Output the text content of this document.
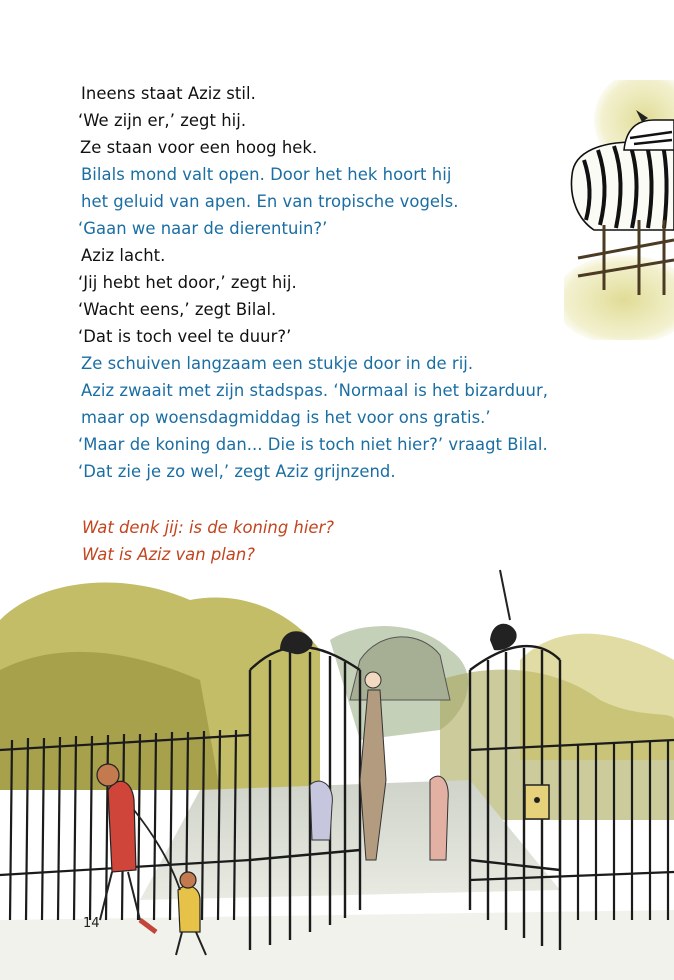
Ineens staat Aziz stil.
‘We zijn er,’ zegt hij.
Ze staan voor een hoog hek.
Bilals mond valt open. Door het hek hoort hij
het geluid van apen. En van tropische vogels.
‘Gaan we naar de dierentuin?’
Aziz lacht.
‘Jij hebt het door,’ zegt hij.
‘Wacht eens,’ zegt Bilal.
‘Dat is toch veel te duur?’
Ze schuiven langzaam een stukje door in de rij.
Aziz zwaait met zijn stadspas. ‘Normaal is het bizarduur,
maar op woensdagmiddag is het voor ons gratis.’
‘Maar de koning dan... Die is toch niet hier?’ vraagt Bilal.
‘Dat zie je zo wel,’ zegt Aziz grijnzend.
Wat denk jij: is de koning hier?
Wat is Aziz van plan?
14
